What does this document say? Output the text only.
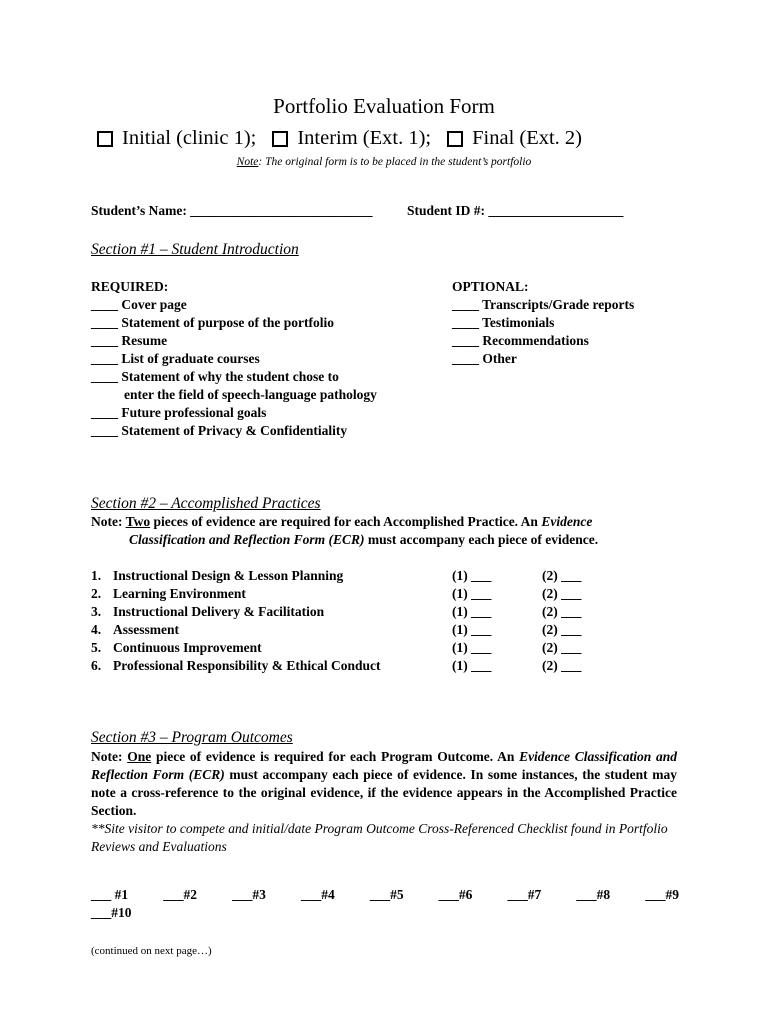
Portfolio Evaluation Form
Initial (clinic 1); Interim (Ext. 1); Final (Ext. 2)
Note: The original form is to be placed in the student’s portfolio
Student’s Name: ___________________________	Student ID #: ____________________
Section #1 – Student Introduction
REQUIRED:
____ Cover page
____ Statement of purpose of the portfolio
____ Resume
____ List of graduate courses
____ Statement of why the student chose to
enter the field of speech-language pathology
____ Future professional goals
____ Statement of Privacy & Confidentiality
OPTIONAL:
____ Transcripts/Grade reports
____ Testimonials
____ Recommendations
____ Other
Section #2 – Accomplished Practices
Note: Two pieces of evidence are required for each Accomplished Practice. An Evidence
Classification and Reflection Form (ECR) must accompany each piece of evidence.
1. Instructional Design & Lesson Planning	(1) ___	(2) ___
2. Learning Environment	(1) ___	(2) ___
3. Instructional Delivery & Facilitation	(1) ___	(2) ___
4. Assessment	(1) ___	(2) ___
5. Continuous Improvement	(1) ___	(2) ___
6. Professional Responsibility & Ethical Conduct	(1) ___	(2) ___
Section #3 – Program Outcomes
Note: One piece of evidence is required for each Program Outcome. An Evidence Classification and Reflection Form (ECR) must accompany each piece of evidence. In some instances, the student may note a cross-reference to the original evidence, if the evidence appears in the Accomplished Practice Section.
**Site visitor to compete and initial/date Program Outcome Cross-Referenced Checklist found in Portfolio Reviews and Evaluations
___ #1	___#2	___#3	___#4	___#5	___#6	___#7	___#8	___#9
___#10
(continued on next page…)
